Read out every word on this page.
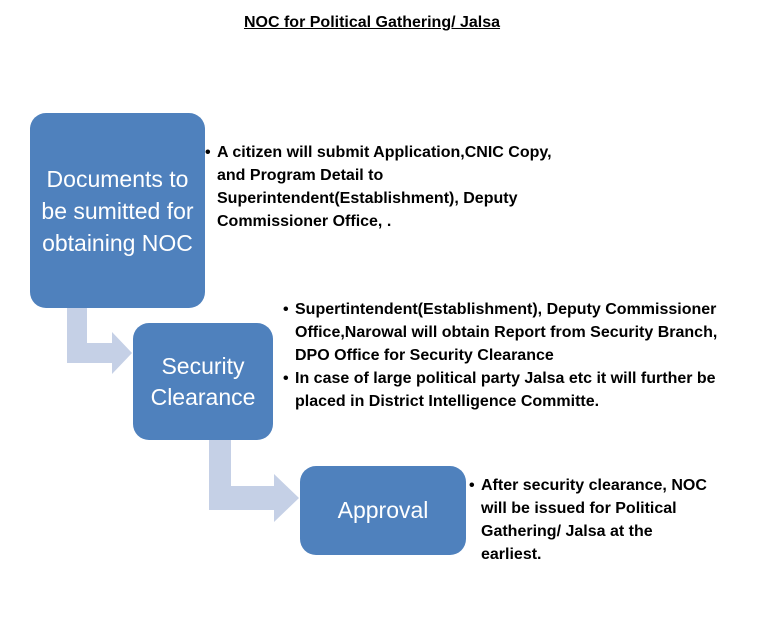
NOC for Political Gathering/ Jalsa
Documents to be sumitted for obtaining NOC
• A citizen will submit Application,CNIC Copy, and Program Detail to Superintendent(Establishment), Deputy Commissioner Office, .
Security Clearance
• Supertintendent(Establishment), Deputy Commissioner Office,Narowal will obtain Report from Security Branch, DPO Office for Security Clearance
• In case of large political party Jalsa etc it will further be placed in District Intelligence Committe.
Approval
• After security clearance, NOC will be issued for Political Gathering/ Jalsa at the earliest.
